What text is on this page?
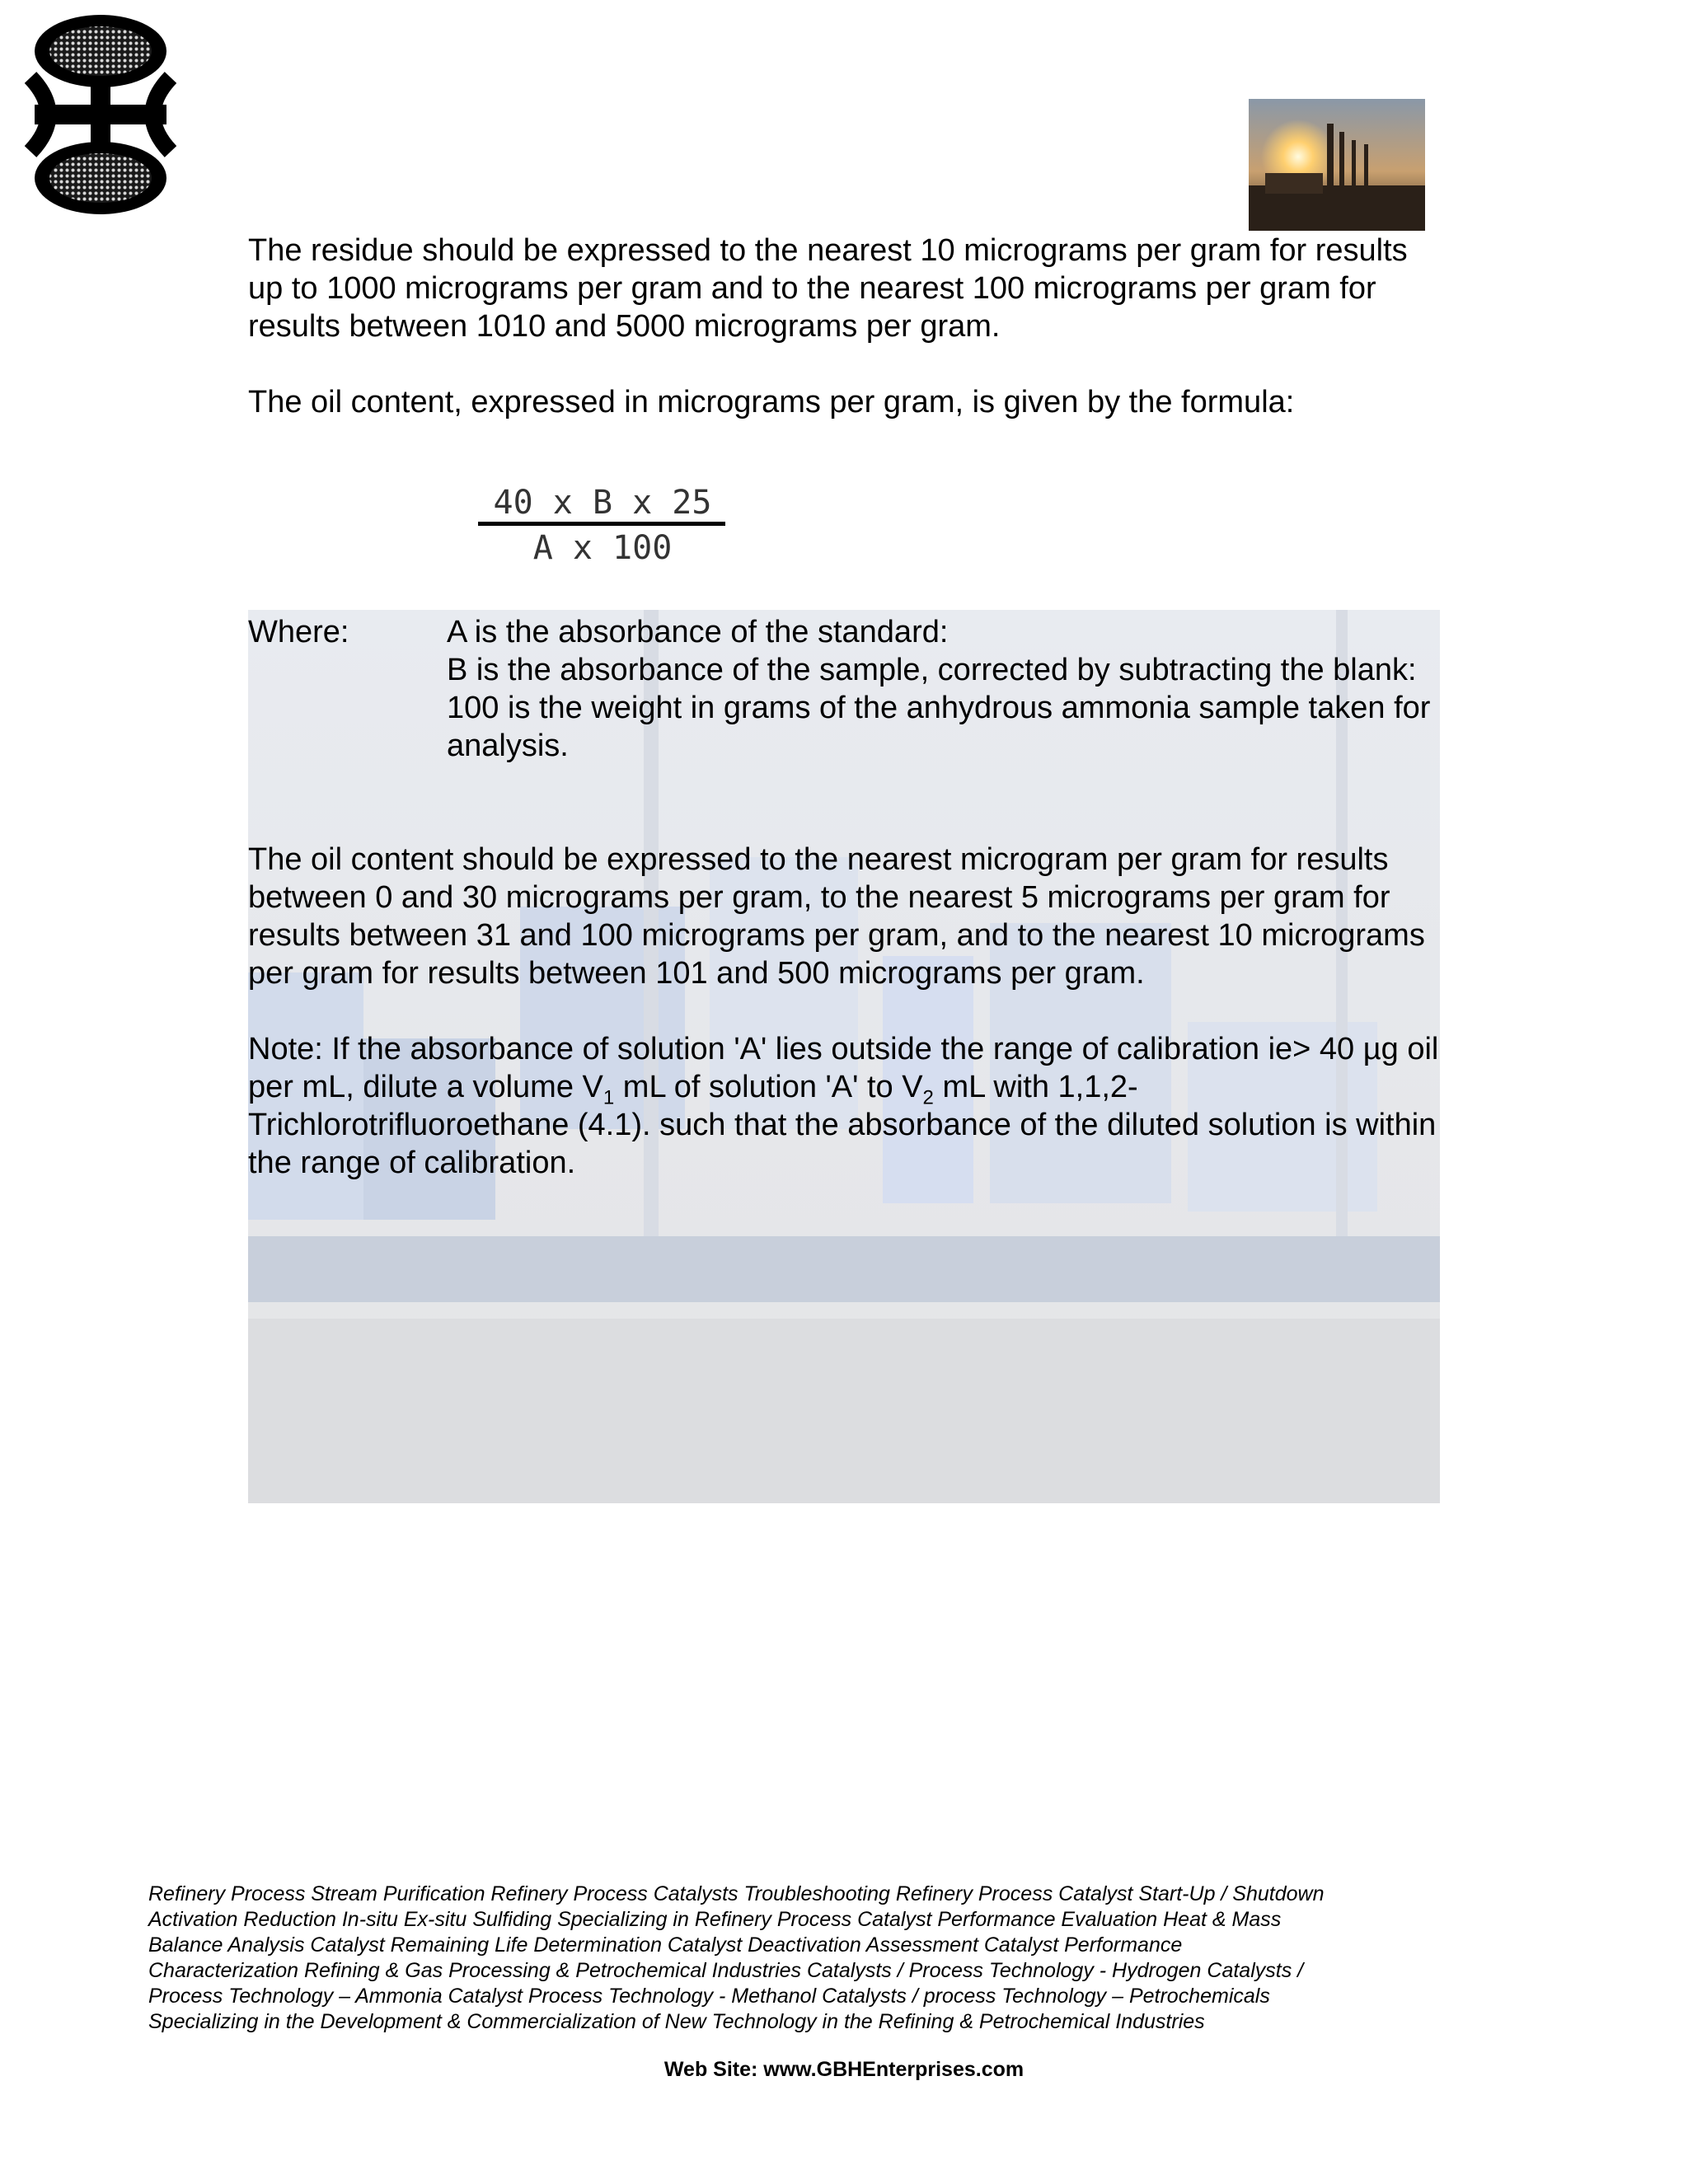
The residue should be expressed to the nearest 10 micrograms per gram for results up to 1000 micrograms per gram and to the nearest 100 micrograms per gram for results between 1010 and 5000 micrograms per gram.

The oil content, expressed in micrograms per gram, is given by the formula:

40 x B x 25
A x 100

Where:	A is the absorbance of the standard:
B is the absorbance of the sample, corrected by subtracting the blank:
100 is the weight in grams of the anhydrous ammonia sample taken for analysis.

The oil content should be expressed to the nearest microgram per gram for results between 0 and 30 micrograms per gram, to the nearest 5 micrograms per gram for results between 31 and 100 micrograms per gram, and to the nearest 10 micrograms per gram for results between 101 and 500 micrograms per gram.

Note: If the absorbance of solution 'A' lies outside the range of calibration ie> 40 µg oil per mL, dilute a volume $V_1$ mL of solution 'A' to $V_2$ mL with 1,1,2-Trichlorotrifluoroethane (4.1). such that the absorbance of the diluted solution is within the range of calibration.

Refinery Process Stream Purification Refinery Process Catalysts Troubleshooting Refinery Process Catalyst Start-Up / Shutdown
Activation Reduction In-situ Ex-situ Sulfiding Specializing in Refinery Process Catalyst Performance Evaluation Heat & Mass
Balance Analysis Catalyst Remaining Life Determination Catalyst Deactivation Assessment Catalyst Performance
Characterization Refining & Gas Processing & Petrochemical Industries Catalysts / Process Technology - Hydrogen Catalysts /
Process Technology – Ammonia Catalyst Process Technology - Methanol Catalysts / process Technology – Petrochemicals
Specializing in the Development & Commercialization of New Technology in the Refining & Petrochemical Industries

Web Site: www.GBHEnterprises.com
